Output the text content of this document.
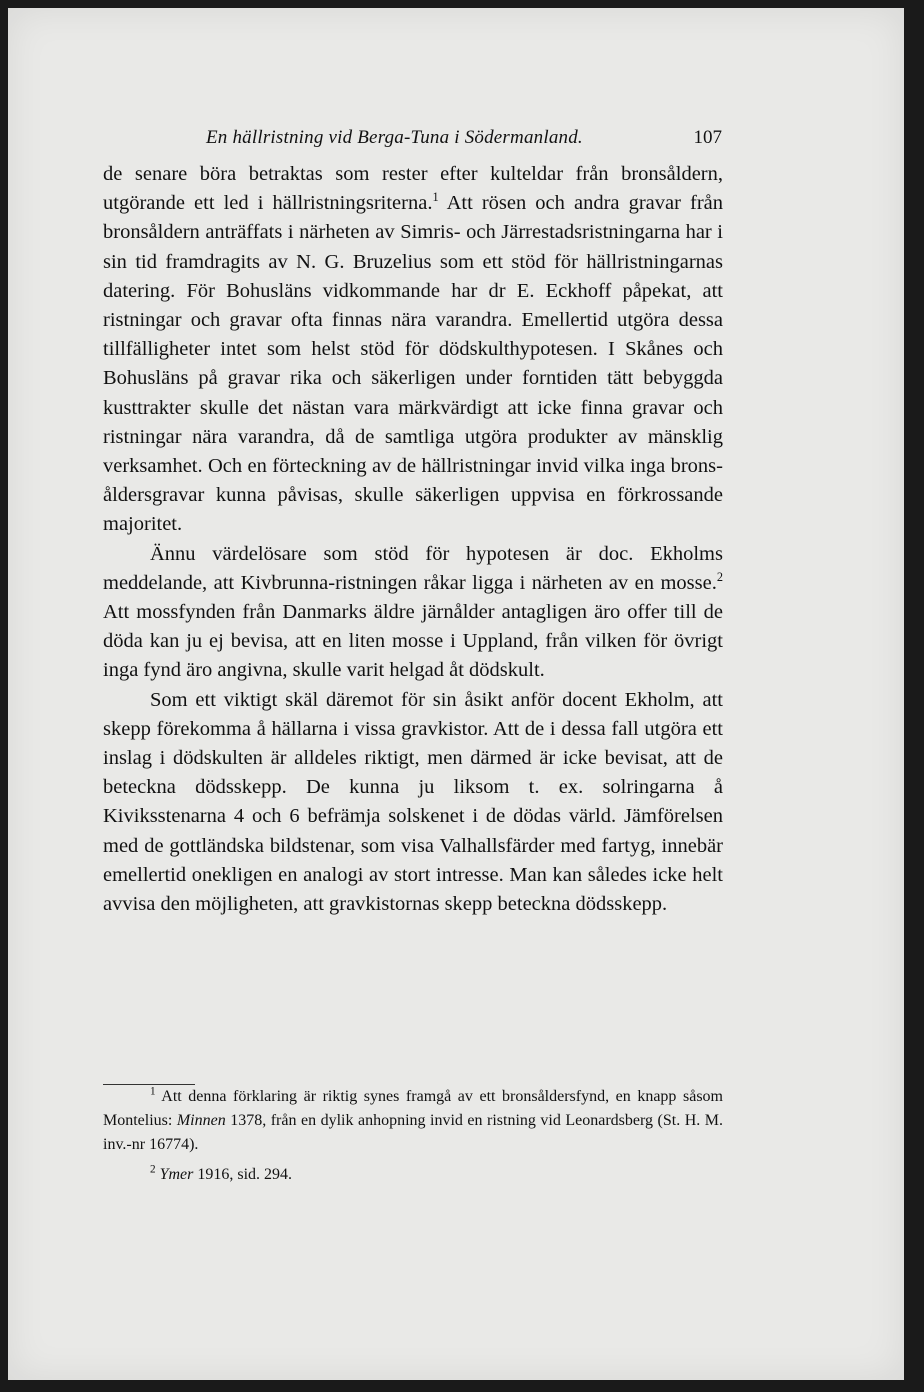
En hällristning vid Berga-Tuna i Södermanland.	107

de senare böra betraktas som rester efter kulteldar från bronsåldern, utgörande ett led i hällristningsriterna.$^1$ Att rösen och andra gravar från bronsåldern anträffats i närheten av Simris- och Järrestadsristningarna har i sin tid framdragits av N. G. Bruzelius som ett stöd för hällristningarnas datering. För Bohusläns vidkommande har dr E. Eckhoff påpekat, att ristningar och gravar ofta finnas nära varandra. Emellertid utgöra dessa tillfälligheter intet som helst stöd för dödskulthypotesen. I Skånes och Bohusläns på gravar rika och säkerligen under forntiden tätt bebyggda kusttrakter skulle det nästan vara märkvärdigt att icke finna gravar och ristningar nära varandra, då de samtliga utgöra produkter av mänsklig verksamhet. Och en förteckning av de hällristningar invid vilka inga bronsåldersgravar kunna påvisas, skulle säkerligen uppvisa en förkrossande majoritet.

Ännu värdelösare som stöd för hypotesen är doc. Ekholms meddelande, att Kivbrunna-ristningen råkar ligga i närheten av en mosse.$^2$ Att mossfynden från Danmarks äldre järnålder antagligen äro offer till de döda kan ju ej bevisa, att en liten mosse i Uppland, från vilken för övrigt inga fynd äro angivna, skulle varit helgad åt dödskult.

Som ett viktigt skäl däremot för sin åsikt anför docent Ekholm, att skepp förekomma å hällarna i vissa gravkistor. Att de i dessa fall utgöra ett inslag i dödskulten är alldeles riktigt, men därmed är icke bevisat, att de beteckna dödsskepp. De kunna ju liksom t. ex. solringarna å Kiviksstenarna 4 och 6 befrämja solskenet i de dödas värld. Jämförelsen med de gottländska bildstenar, som visa Valhallsfärder med fartyg, innebär emellertid onekligen en analogi av stort intresse. Man kan således icke helt avvisa den möjligheten, att gravkistornas skepp beteckna dödsskepp.

$^1$ Att denna förklaring är riktig synes framgå av ett bronsåldersfynd, en knapp såsom Montelius: Minnen 1378, från en dylik anhopning invid en ristning vid Leonardsberg (St. H. M. inv.-nr 16774).

$^2$ Ymer 1916, sid. 294.
